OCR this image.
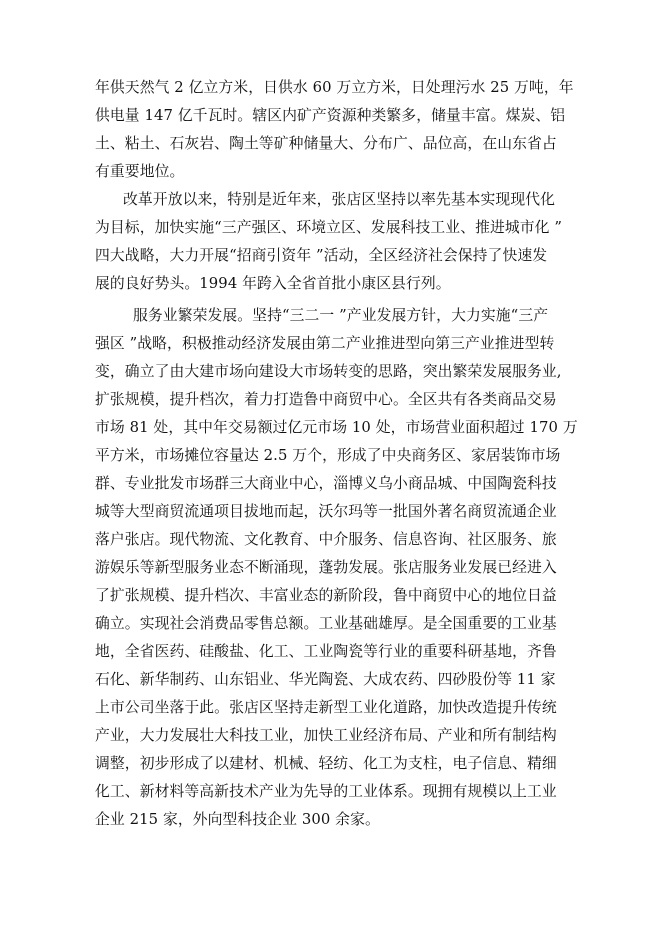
年供天然气 2 亿立方米，日供水 60 万立方米，日处理污水 25 万吨，年
供电量 147 亿千瓦时。辖区内矿产资源种类繁多，储量丰富。煤炭、铝
土、粘土、石灰岩、陶土等矿种储量大、分布广、品位高，在山东省占
有重要地位。
改革开放以来，特别是近年来，张店区坚持以率先基本实现现代化
为目标，加快实施“三产强区、环境立区、发展科技工业、推进城市化 ”
四大战略，大力开展“招商引资年 ”活动，全区经济社会保持了快速发
展的良好势头。1994 年跨入全省首批小康区县行列。
服务业繁荣发展。坚持“三二一 ”产业发展方针，大力实施“三产
强区 ”战略，积极推动经济发展由第二产业推进型向第三产业推进型转
变，确立了由大建市场向建设大市场转变的思路，突出繁荣发展服务业,
扩张规模，提升档次，着力打造鲁中商贸中心。全区共有各类商品交易
市场 81 处，其中年交易额过亿元市场 10 处，市场营业面积超过 170 万
平方米，市场摊位容量达 2.5 万个，形成了中央商务区、家居装饰市场
群、专业批发市场群三大商业中心，淄博义乌小商品城、中国陶瓷科技
城等大型商贸流通项目拔地而起，沃尔玛等一批国外著名商贸流通企业
落户张店。现代物流、文化教育、中介服务、信息咨询、社区服务、旅
游娱乐等新型服务业态不断涌现，蓬勃发展。张店服务业发展已经进入
了扩张规模、提升档次、丰富业态的新阶段，鲁中商贸中心的地位日益
确立。实现社会消费品零售总额。工业基础雄厚。是全国重要的工业基
地，全省医药、硅酸盐、化工、工业陶瓷等行业的重要科研基地，齐鲁
石化、新华制药、山东铝业、华光陶瓷、大成农药、四砂股份等 11 家
上市公司坐落于此。张店区坚持走新型工业化道路，加快改造提升传统
产业，大力发展壮大科技工业，加快工业经济布局、产业和所有制结构
调整，初步形成了以建材、机械、轻纺、化工为支柱，电子信息、精细
化工、新材料等高新技术产业为先导的工业体系。现拥有规模以上工业
企业 215 家，外向型科技企业 300 余家。
